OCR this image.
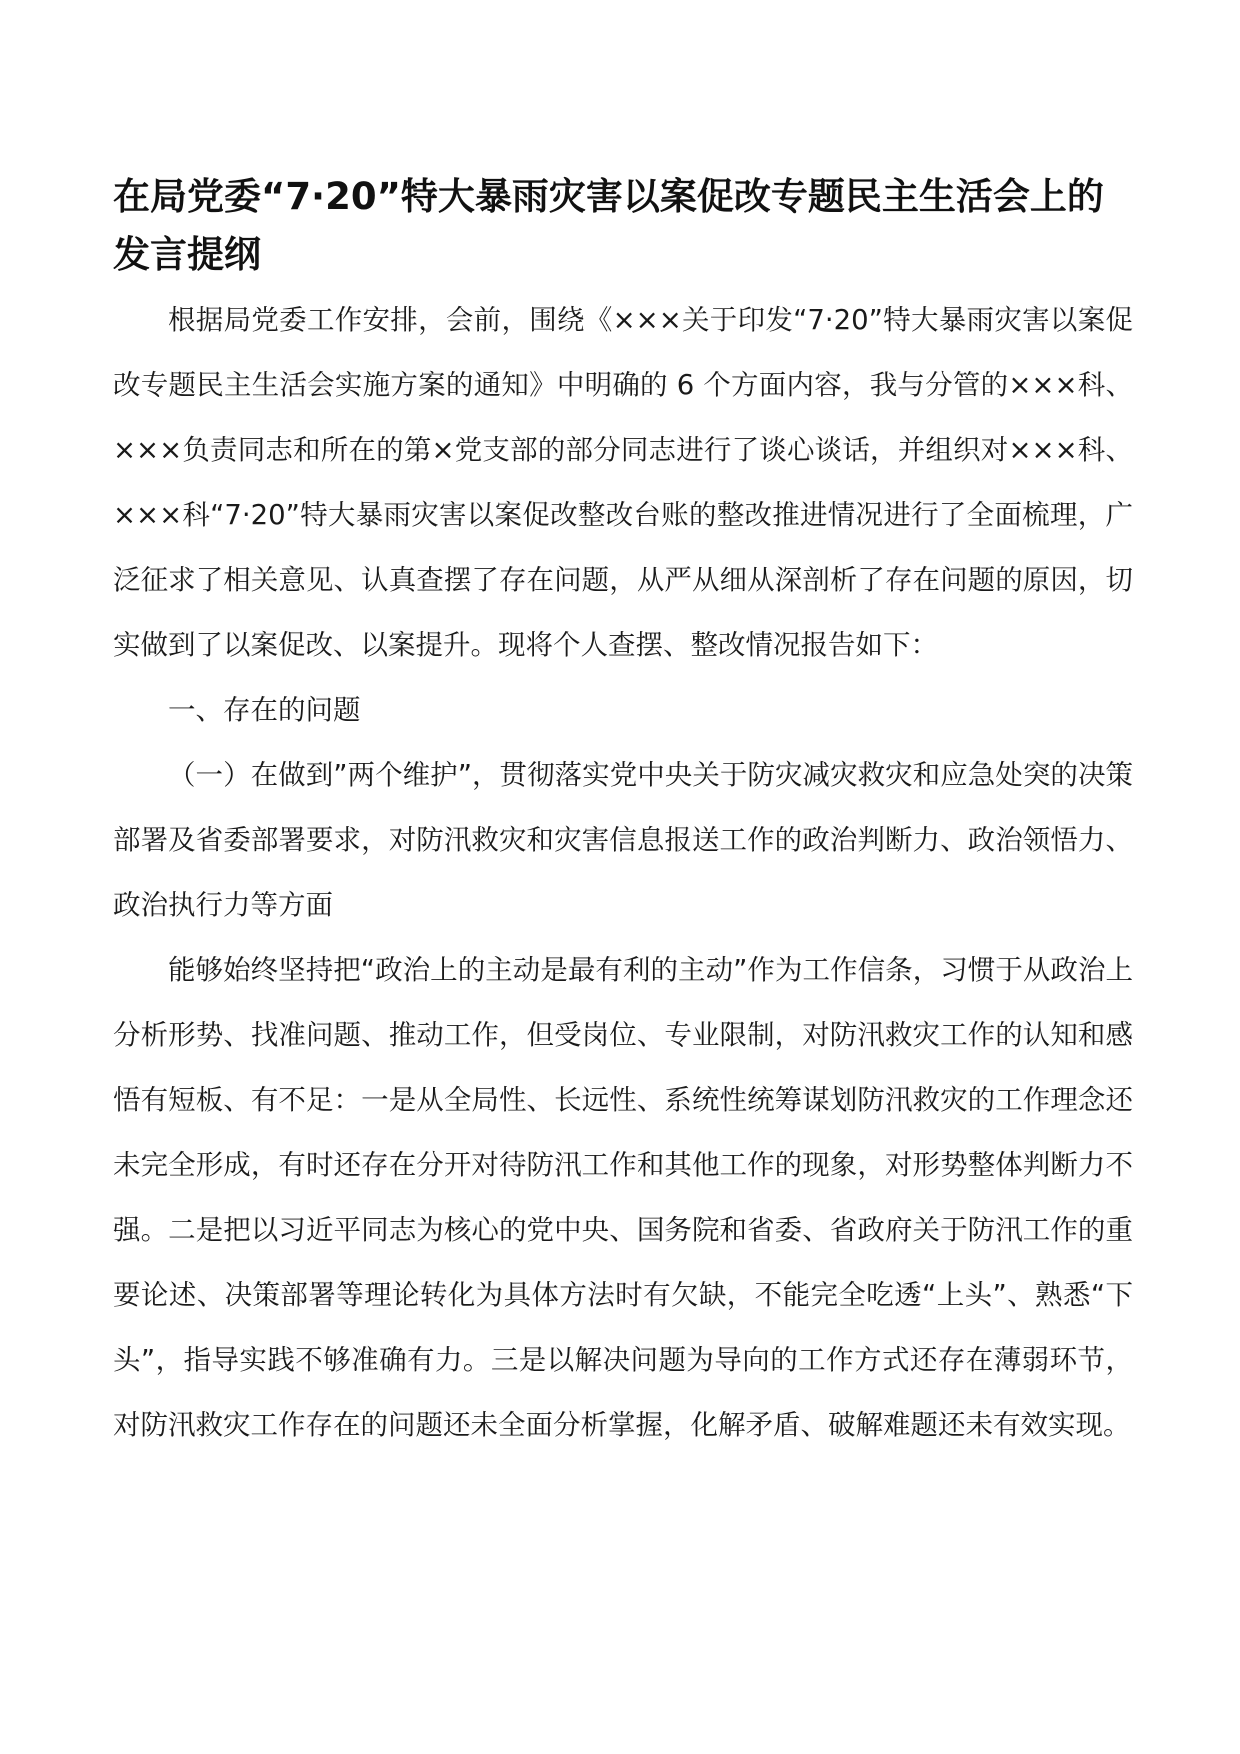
在局党委“7·20”特大暴雨灾害以案促改专题民主生活会上的发言提纲

根据局党委工作安排，会前，围绕《×××关于印发“7·20”特大暴雨灾害以案促改专题民主生活会实施方案的通知》中明确的 6 个方面内容，我与分管的×××科、×××负责同志和所在的第×党支部的部分同志进行了谈心谈话，并组织对×××科、×××科“7·20”特大暴雨灾害以案促改整改台账的整改推进情况进行了全面梳理，广泛征求了相关意见、认真查摆了存在问题，从严从细从深剖析了存在问题的原因，切实做到了以案促改、以案提升。现将个人查摆、整改情况报告如下：

一、存在的问题

（一）在做到”两个维护”，贯彻落实党中央关于防灾减灾救灾和应急处突的决策部署及省委部署要求，对防汛救灾和灾害信息报送工作的政治判断力、政治领悟力、政治执行力等方面

能够始终坚持把“政治上的主动是最有利的主动”作为工作信条，习惯于从政治上分析形势、找准问题、推动工作，但受岗位、专业限制，对防汛救灾工作的认知和感悟有短板、有不足：一是从全局性、长远性、系统性统筹谋划防汛救灾的工作理念还未完全形成，有时还存在分开对待防汛工作和其他工作的现象，对形势整体判断力不强。二是把以习近平同志为核心的党中央、国务院和省委、省政府关于防汛工作的重要论述、决策部署等理论转化为具体方法时有欠缺，不能完全吃透“上头”、熟悉“下头”，指导实践不够准确有力。三是以解决问题为导向的工作方式还存在薄弱环节，对防汛救灾工作存在的问题还未全面分析掌握，化解矛盾、破解难题还未有效实现。
